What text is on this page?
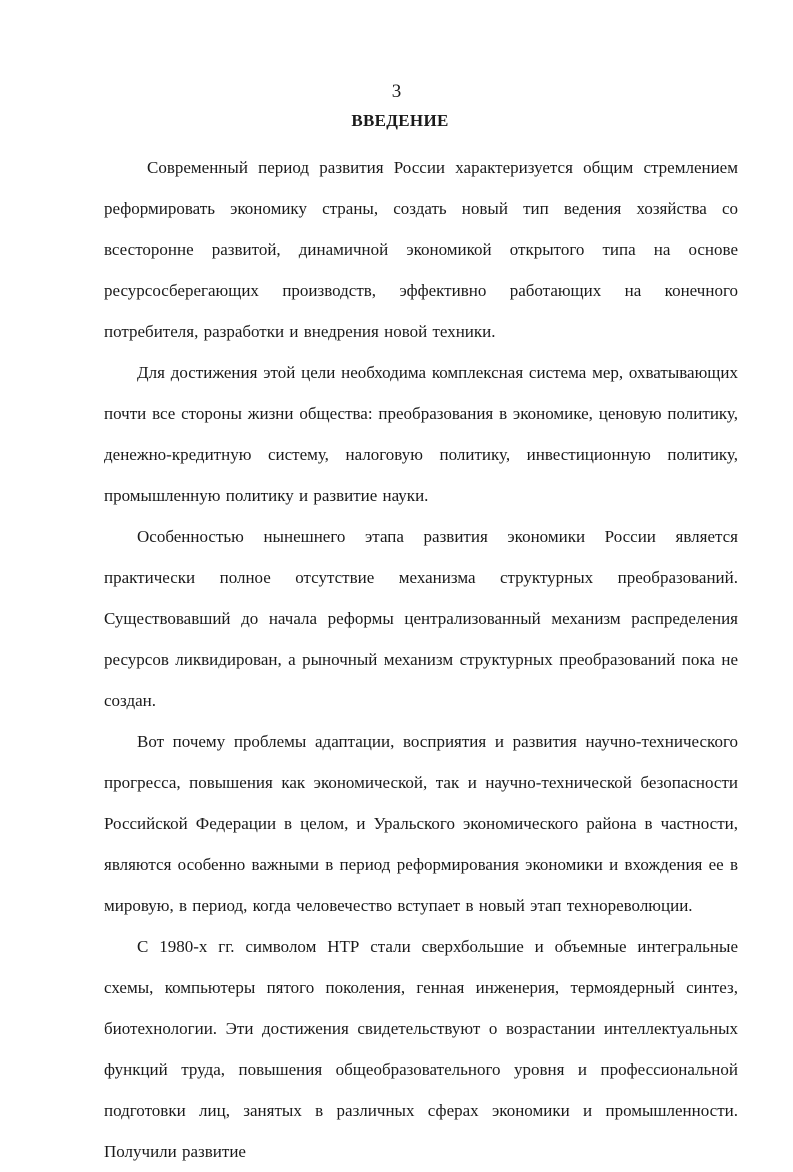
3
ВВЕДЕНИЕ

Современный период развития России характеризуется общим стремлением реформировать экономику страны, создать новый тип ведения хозяйства со всесторонне развитой, динамичной экономикой открытого типа на основе ресурсосберегающих производств, эффективно работающих на конечного потребителя, разработки и внедрения новой техники.

Для достижения этой цели необходима комплексная система мер, охватывающих почти все стороны жизни общества: преобразования в экономике, ценовую политику, денежно-кредитную систему, налоговую политику, инвестиционную политику, промышленную политику и развитие науки.

Особенностью нынешнего этапа развития экономики России является практически полное отсутствие механизма структурных преобразований. Существовавший до начала реформы централизованный механизм распределения ресурсов ликвидирован, а рыночный механизм структурных преобразований пока не создан.

Вот почему проблемы адаптации, восприятия и развития научно-технического прогресса, повышения как экономической, так и научно-технической безопасности Российской Федерации в целом, и Уральского экономического района в частности, являются особенно важными в период реформирования экономики и вхождения ее в мировую, в период, когда человечество вступает в новый этап технореволюции.

С 1980-х гг. символом НТР стали сверхбольшие и объемные интегральные схемы, компьютеры пятого поколения, генная инженерия, термоядерный синтез, биотехнологии. Эти достижения свидетельствуют о возрастании интеллектуальных функций труда, повышения общеобразовательного уровня и профессиональной подготовки лиц, занятых в различных сферах экономики и промышленности. Получили развитие
